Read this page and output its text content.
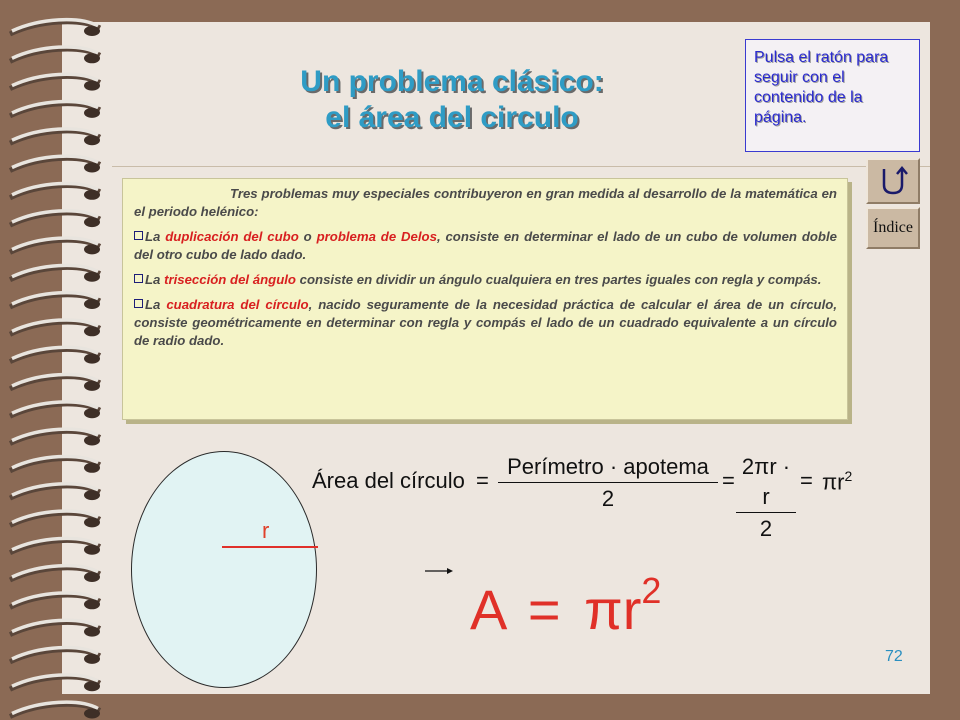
Un problema clásico:
el área del circulo
Pulsa el ratón para seguir con el contenido de la página.
Índice

Tres problemas muy especiales contribuyeron en gran medida al desarrollo de la matemática en el periodo helénico:

La duplicación del cubo o problema de Delos, consiste en determinar el lado de un cubo de volumen doble del otro cubo de lado dado.

La trisección del ángulo consiste en dividir un ángulo cualquiera en tres partes iguales con regla y compás.

La cuadratura del círculo, nacido seguramente de la necesidad práctica de calcular el área de un círculo, consiste geométricamente en determinar con regla y compás el lado de un cuadrado equivalente a un círculo de radio dado.

r
Área del círculo =
Perímetro · apotema
2
= $\frac{2\pi r \cdot r}{2} = \pi r^2$
$A = \pi r^2$
72
